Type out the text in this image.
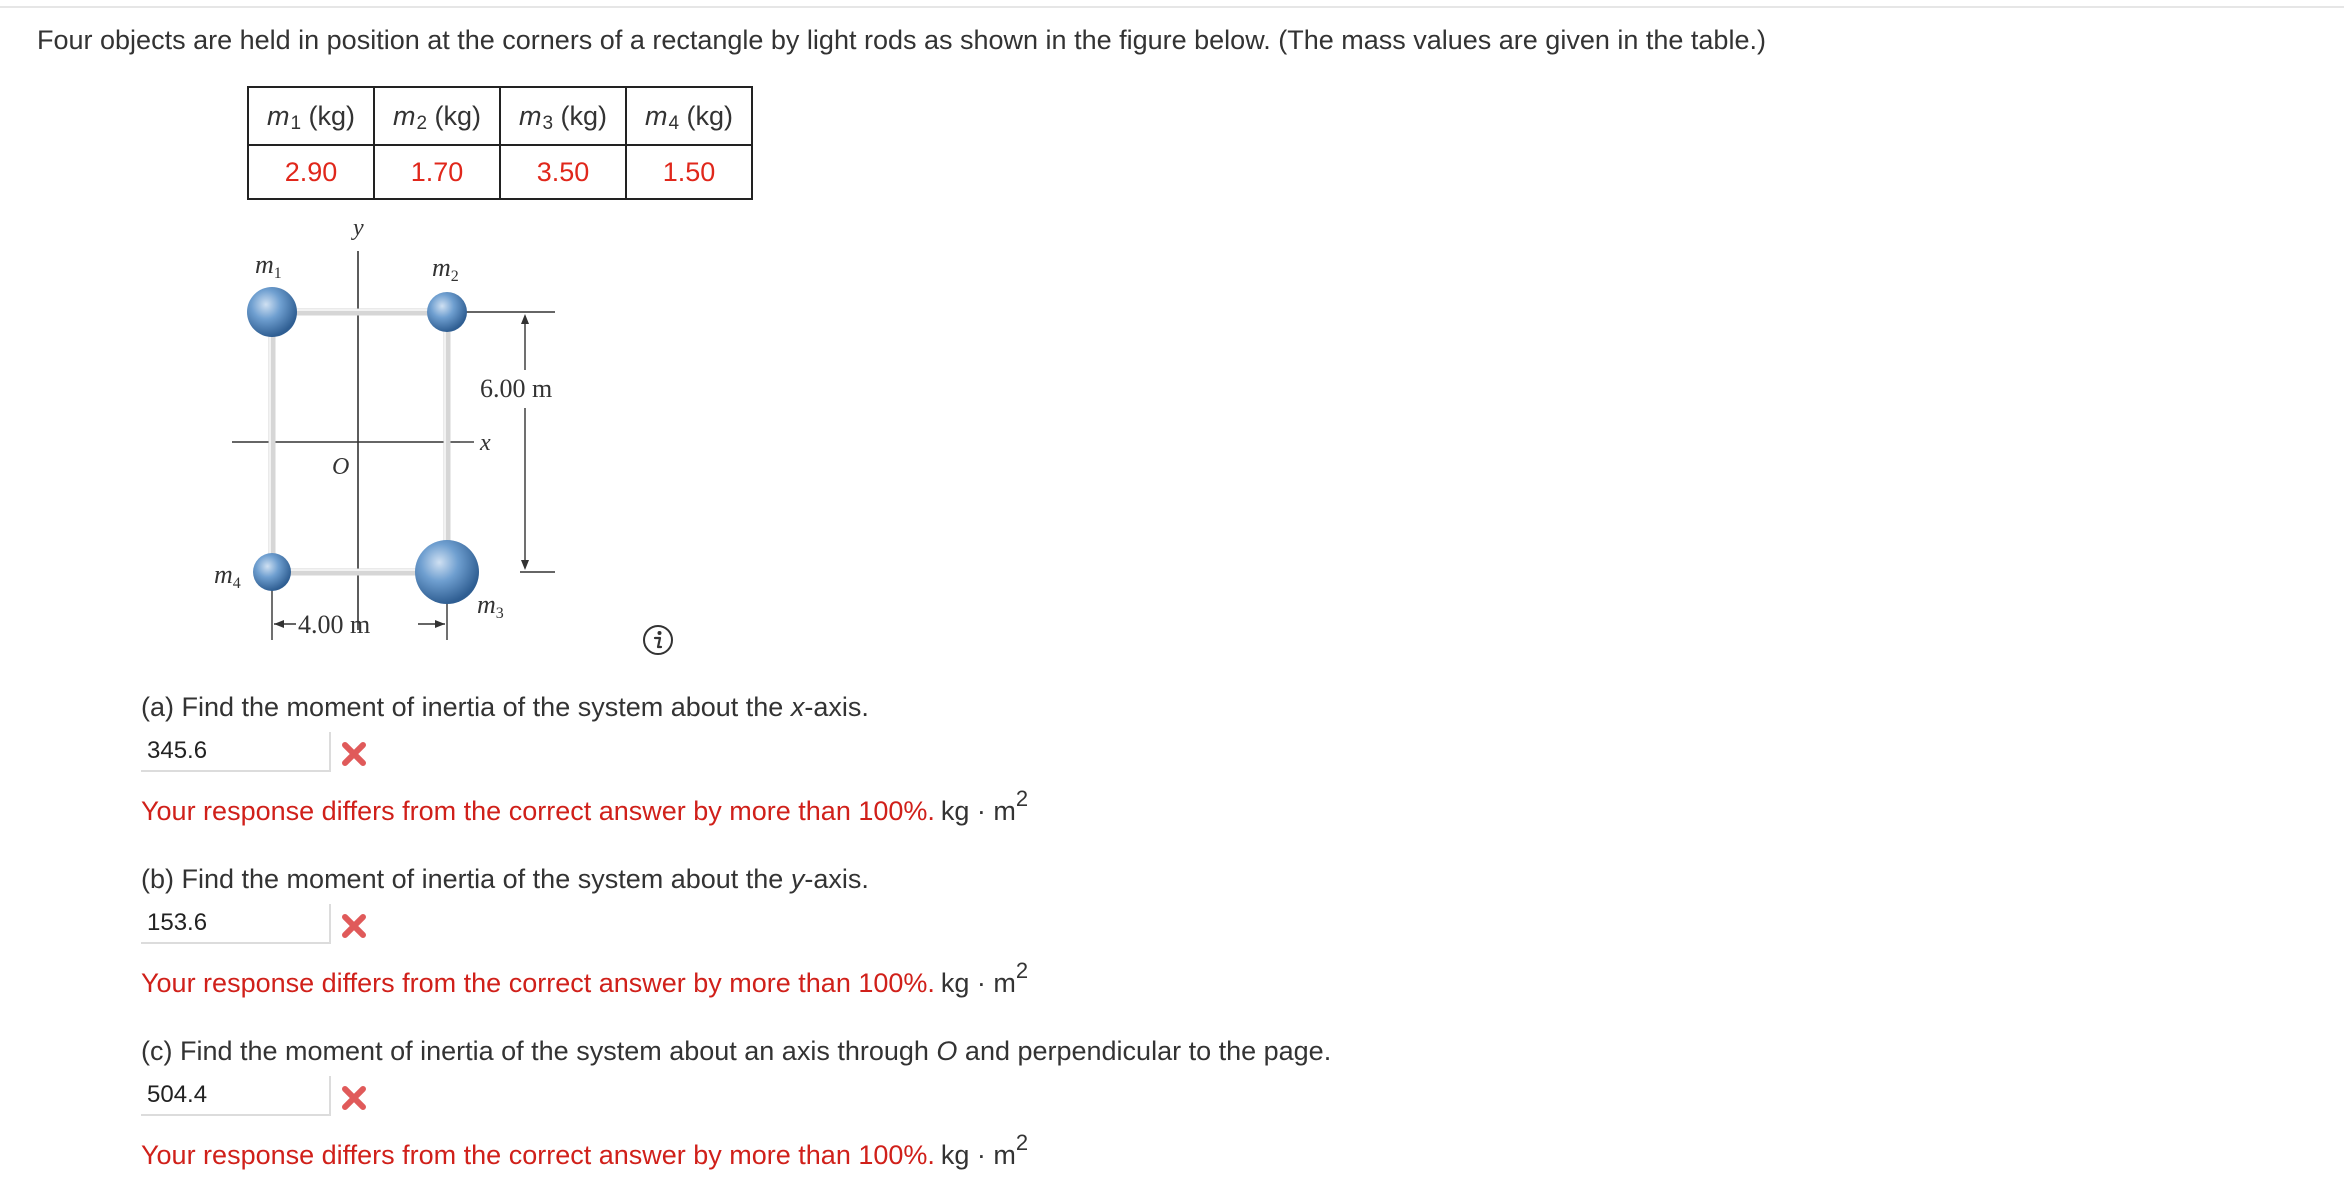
Four objects are held in position at the corners of a rectangle by light rods as shown in the figure below. (The mass values are given in the table.)
$m_1$ (kg)	$m_2$ (kg)	$m_3$ (kg)	$m_4$ (kg)
2.90	1.70	3.50	1.50
y
x
O
m1	m2
m3
m4
6.00 m
4.00 m
(a) Find the moment of inertia of the system about the x-axis.
345.6
Your response differs from the correct answer by more than 100%. kg · $m^2$
(b) Find the moment of inertia of the system about the y-axis.
153.6
Your response differs from the correct answer by more than 100%. kg · $m^2$
(c) Find the moment of inertia of the system about an axis through O and perpendicular to the page.
504.4
Your response differs from the correct answer by more than 100%. kg · $m^2$
